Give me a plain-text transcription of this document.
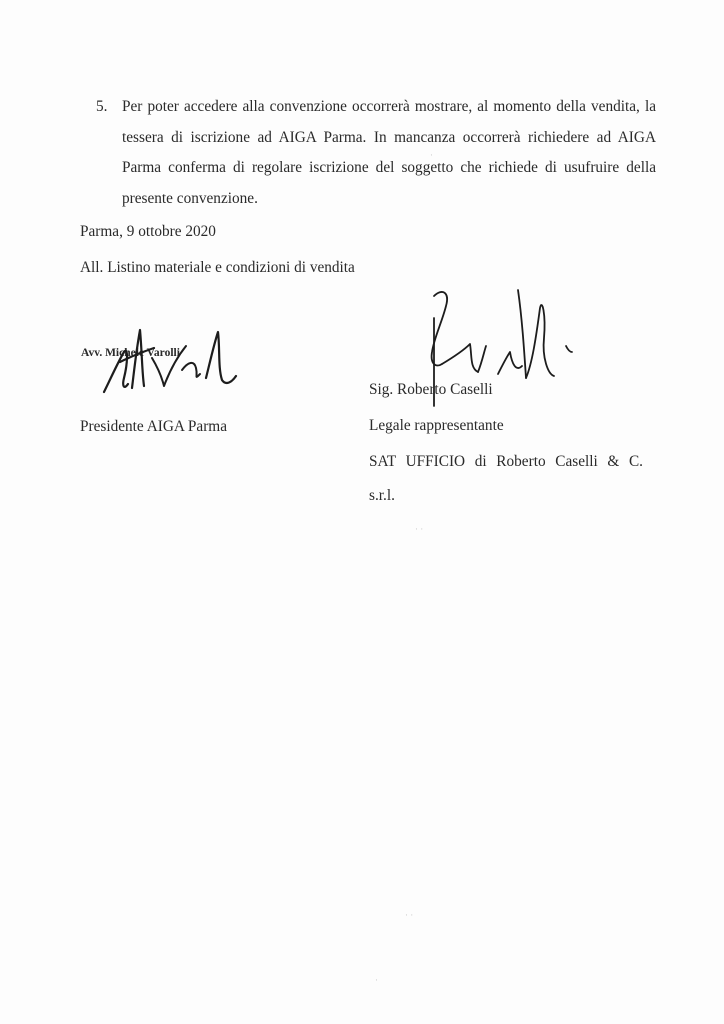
5. Per poter accedere alla convenzione occorrerà mostrare, al momento della vendita, la tessera di iscrizione ad AIGA Parma. In mancanza occorrerà richiedere ad AIGA Parma conferma di regolare iscrizione del soggetto che richiede di usufruire della presente convenzione.
Parma, 9 ottobre 2020
All. Listino materiale e condizioni di vendita
Avv. Michele Varolli
Presidente AIGA Parma
Sig. Roberto Caselli
Legale rappresentante
SAT UFFICIO di Roberto Caselli & C.
s.r.l.
·
· ·
· ·
·
